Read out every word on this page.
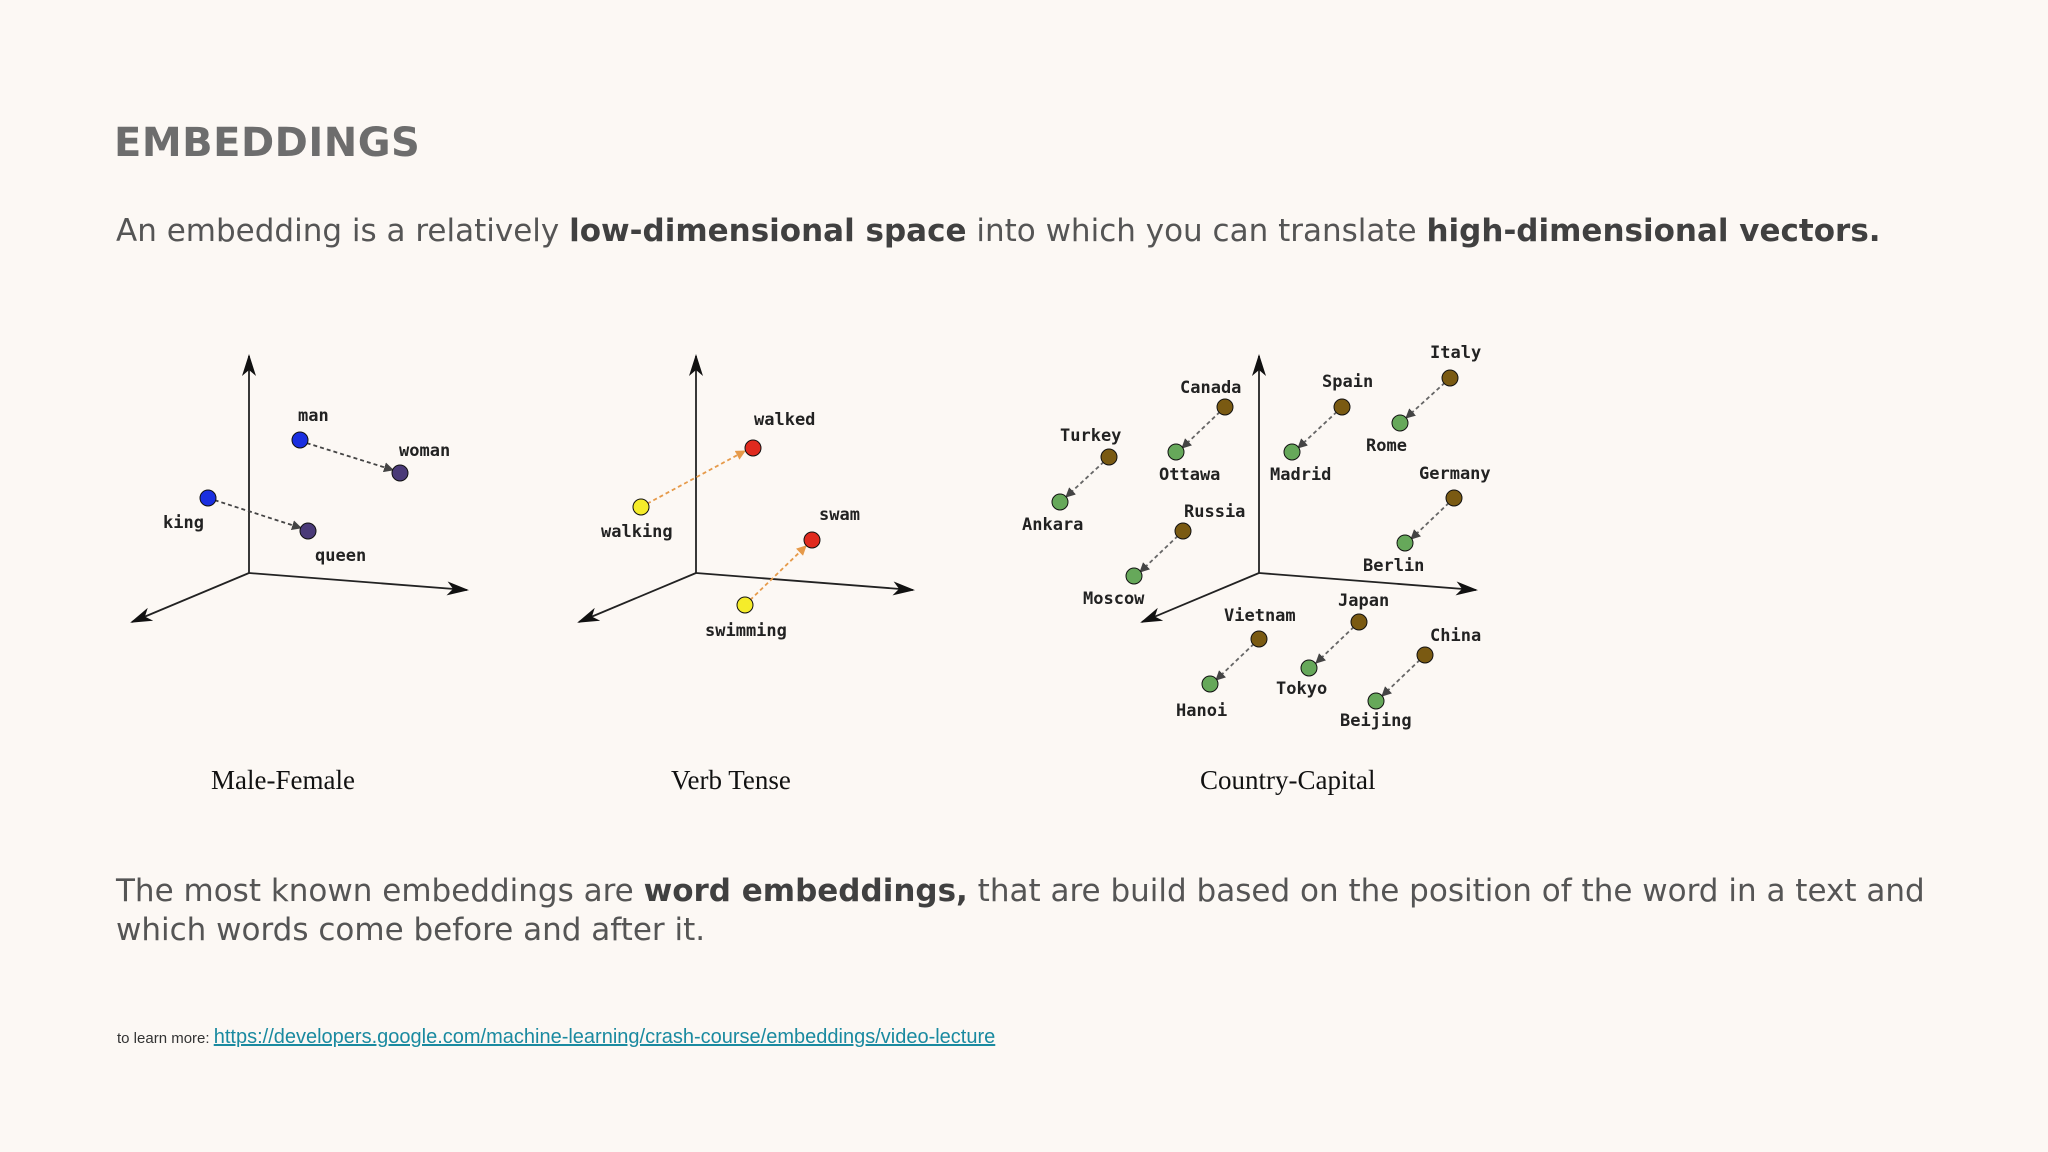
EMBEDDINGS

An embedding is a relatively low-dimensional space into which you can translate high-dimensional vectors.

man
woman
king
queen
Male-Female
walked
walking
swam
swimming
Verb Tense
Italy
Rome
Canada
Ottawa
Spain
Madrid
Turkey
Ankara
Germany
Berlin
Russia
Moscow
Vietnam
Hanoi
Japan
Tokyo
China
Beijing
Country-Capital

The most known embeddings are word embeddings, that are build based on the position of the word in a text and which words come before and after it.

to learn more: https://developers.google.com/machine-learning/crash-course/embeddings/video-lecture
